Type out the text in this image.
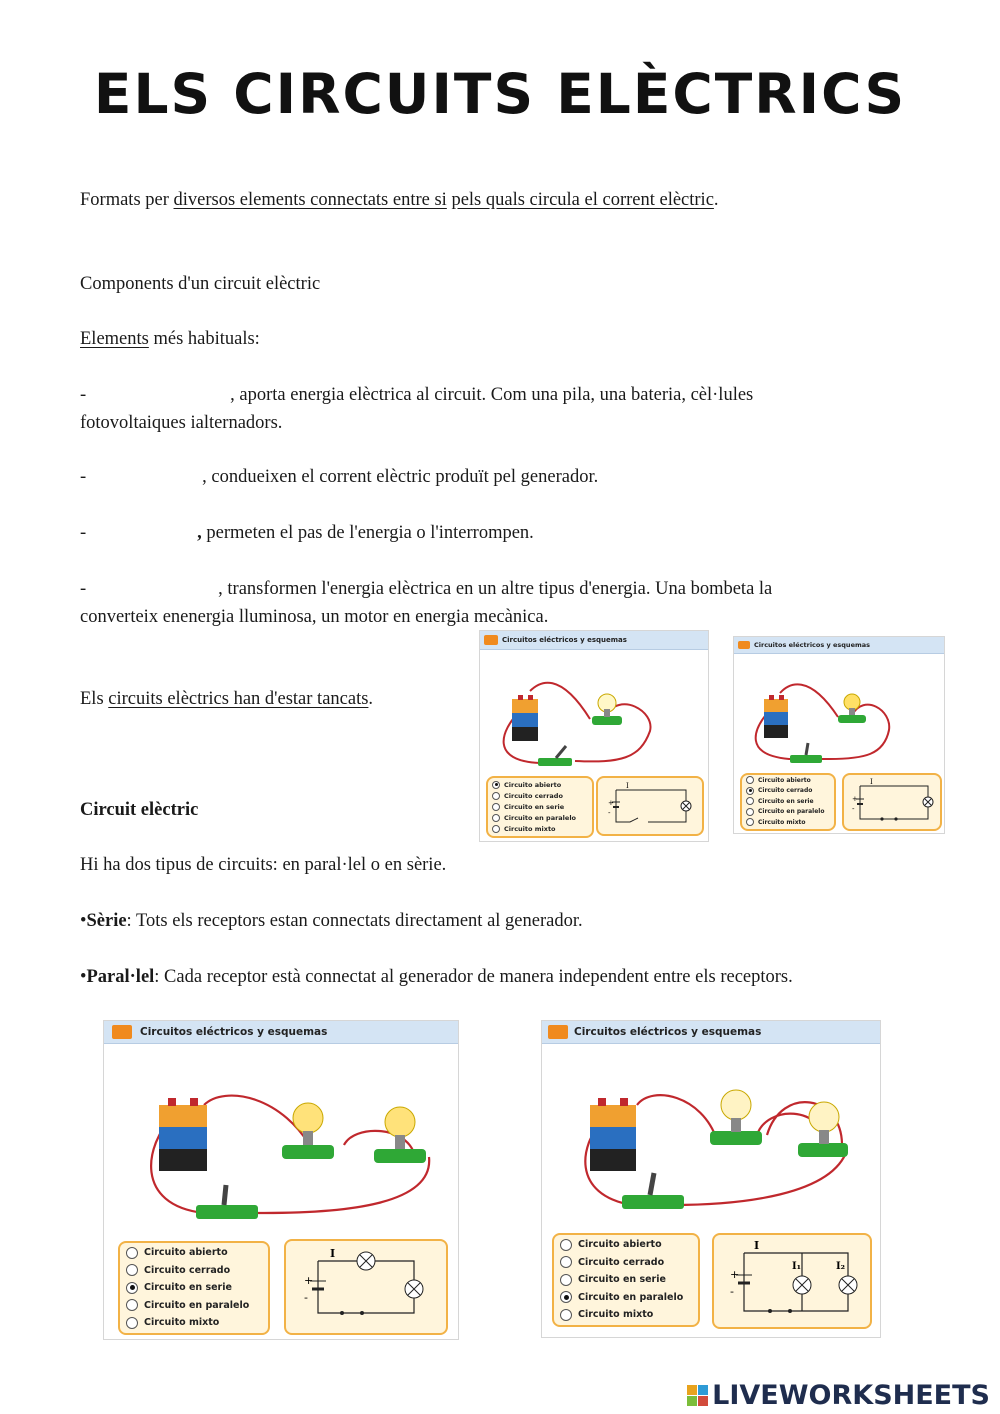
ELS CIRCUITS ELÈCTRICS
Formats per diversos elements connectats entre si pels quals circula el corrent elèctric.
Components d'un circuit elèctric
Elements més habituals:
-	, aporta energia elèctrica al circuit. Com una pila, una bateria, cèl·lules
fotovoltaiques ialternadors.
-	, condueixen el corrent elèctric produït pel generador.
-	, permeten el pas de l'energia o l'interrompen.
-	, transformen l'energia elèctrica en un altre tipus d'energia. Una bombeta la
converteix enenergia lluminosa, un motor en energia mecànica.
Els circuits elèctrics han d'estar tancats.
Circuit elèctric
Hi ha dos tipus de circuits: en paral·lel o en sèrie.
•Sèrie: Tots els receptors estan connectats directament al generador.
•Paral·lel: Cada receptor està connectat al generador de manera independent entre els receptors.
Circuitos eléctricos y esquemas
Circuito abierto
Circuito cerrado
Circuito en serie
Circuito en paralelo
Circuito mixto
+
-
I
Circuitos eléctricos y esquemas
Circuito abierto
Circuito cerrado
Circuito en serie
Circuito en paralelo
Circuito mixto
+
-
I
Circuitos eléctricos y esquemas
Circuito abierto
Circuito cerrado
Circuito en serie
Circuito en paralelo
Circuito mixto
+
-
I
Circuitos eléctricos y esquemas
Circuito abierto
Circuito cerrado
Circuito en serie
Circuito en paralelo
Circuito mixto
+
-
I
I₁	I₂
LIVEWORKSHEETS
